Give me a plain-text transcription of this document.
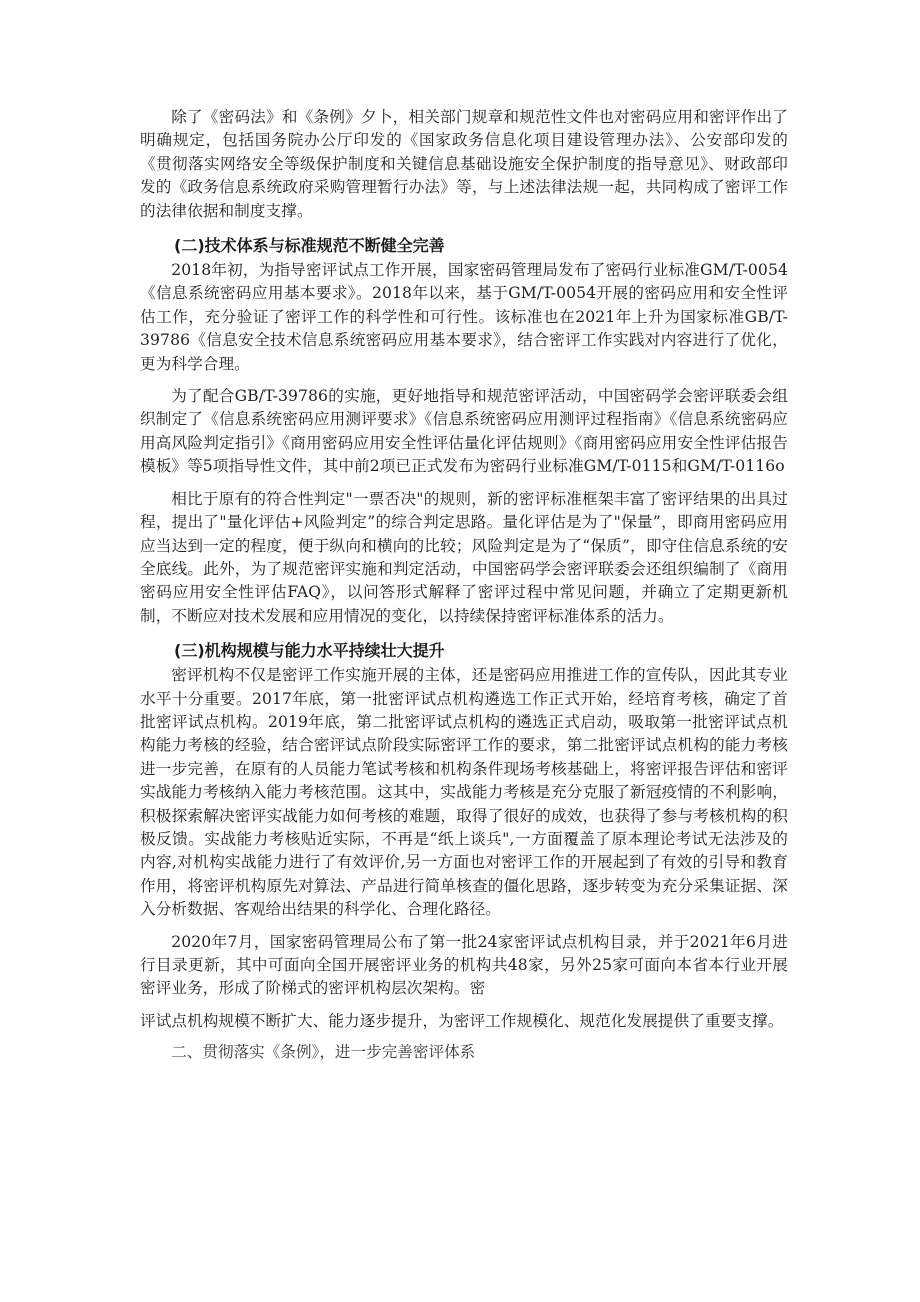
除了《密码法》和《条例》夕卜，相关部门规章和规范性文件也对密码应用和密评作出了明确规定，包括国务院办公厅印发的《国家政务信息化项目建设管理办法》、公安部印发的《贯彻落实网络安全等级保护制度和关键信息基础设施安全保护制度的指导意见》、财政部印发的《政务信息系统政府采购管理暂行办法》等，与上述法律法规一起，共同构成了密评工作的法律依据和制度支撑。

(二)技术体系与标准规范不断健全完善

2018年初，为指导密评试点工作开展，国家密码管理局发布了密码行业标准GM/T-0054《信息系统密码应用基本要求》。2018年以来，基于GM/T-0054开展的密码应用和安全性评估工作，充分验证了密评工作的科学性和可行性。该标准也在2021年上升为国家标准GB/T-39786《信息安全技术信息系统密码应用基本要求》，结合密评工作实践对内容进行了优化，更为科学合理。

为了配合GB/T-39786的实施，更好地指导和规范密评活动，中国密码学会密评联委会组织制定了《信息系统密码应用测评要求》《信息系统密码应用测评过程指南》《信息系统密码应用高风险判定指引》《商用密码应用安全性评估量化评估规则》《商用密码应用安全性评估报告模板》等5项指导性文件，其中前2项已正式发布为密码行业标准GM/T-0115和GM/T-0116o

相比于原有的符合性判定"一票否决"的规则，新的密评标准框架丰富了密评结果的出具过程，提出了"量化评估+风险判定”的综合判定思路。量化评估是为了"保量”，即商用密码应用应当达到一定的程度，便于纵向和横向的比较；风险判定是为了“保质”，即守住信息系统的安全底线。此外，为了规范密评实施和判定活动，中国密码学会密评联委会还组织编制了《商用密码应用安全性评估FAQ》，以问答形式解释了密评过程中常见问题，并确立了定期更新机制，不断应对技术发展和应用情况的变化，以持续保持密评标准体系的活力。

(三)机构规模与能力水平持续壮大提升

密评机构不仅是密评工作实施开展的主体，还是密码应用推进工作的宣传队，因此其专业水平十分重要。2017年底，第一批密评试点机构遴选工作正式开始，经培育考核，确定了首批密评试点机构。2019年底，第二批密评试点机构的遴选正式启动，吸取第一批密评试点机构能力考核的经验，结合密评试点阶段实际密评工作的要求，第二批密评试点机构的能力考核进一步完善，在原有的人员能力笔试考核和机构条件现场考核基础上，将密评报告评估和密评实战能力考核纳入能力考核范围。这其中，实战能力考核是充分克服了新冠疫情的不利影响，积极探索解决密评实战能力如何考核的难题，取得了很好的成效，也获得了参与考核机构的积极反馈。实战能力考核贴近实际，不再是“纸上谈兵",一方面覆盖了原本理论考试无法涉及的内容,对机构实战能力进行了有效评价,另一方面也对密评工作的开展起到了有效的引导和教育作用，将密评机构原先对算法、产品进行简单核查的僵化思路，逐步转变为充分采集证据、深入分析数据、客观给出结果的科学化、合理化路径。

2020年7月，国家密码管理局公布了第一批24家密评试点机构目录，并于2021年6月进行目录更新，其中可面向全国开展密评业务的机构共48家，另外25家可面向本省本行业开展密评业务，形成了阶梯式的密评机构层次架构。密

评试点机构规模不断扩大、能力逐步提升，为密评工作规模化、规范化发展提供了重要支撑。

二、贯彻落实《条例》，进一步完善密评体系
